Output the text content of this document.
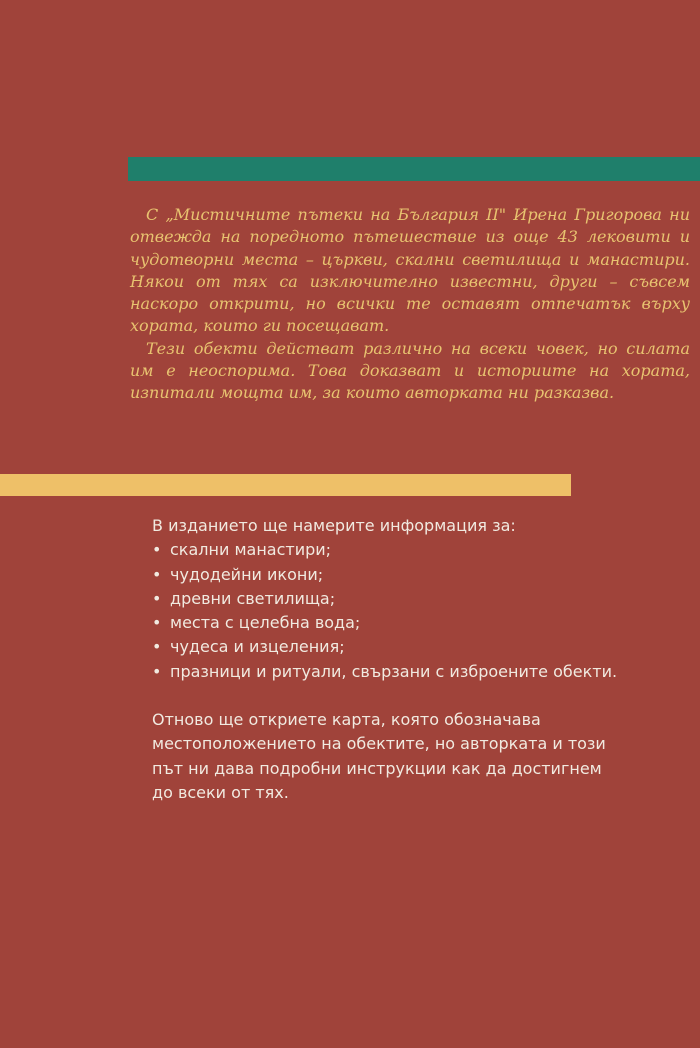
С „Мистичните пътеки на България II" Ирена Григорова ни отвежда на поредното пътешествие из още 43 лековити и чудотворни места – църкви, скални светилища и манастири. Някои от тях са изключително известни, други – съвсем наскоро открити, но всички те оставят отпечатък върху хората, които ги посещават.

Тези обекти действат различно на всеки човек, но силата им е неоспорима. Това доказват и историите на хората, изпитали мощта им, за които авторката ни разказва.

В изданието ще намерите информация за:

• скални манастири;
• чудодейни икони;
• древни светилища;
• места с целебна вода;
• чудеса и изцеления;
• празници и ритуали, свързани с изброените обекти.

Отново ще откриете карта, която обозначава местоположението на обектите, но авторката и този път ни дава подробни инструкции как да достигнем до всеки от тях.
